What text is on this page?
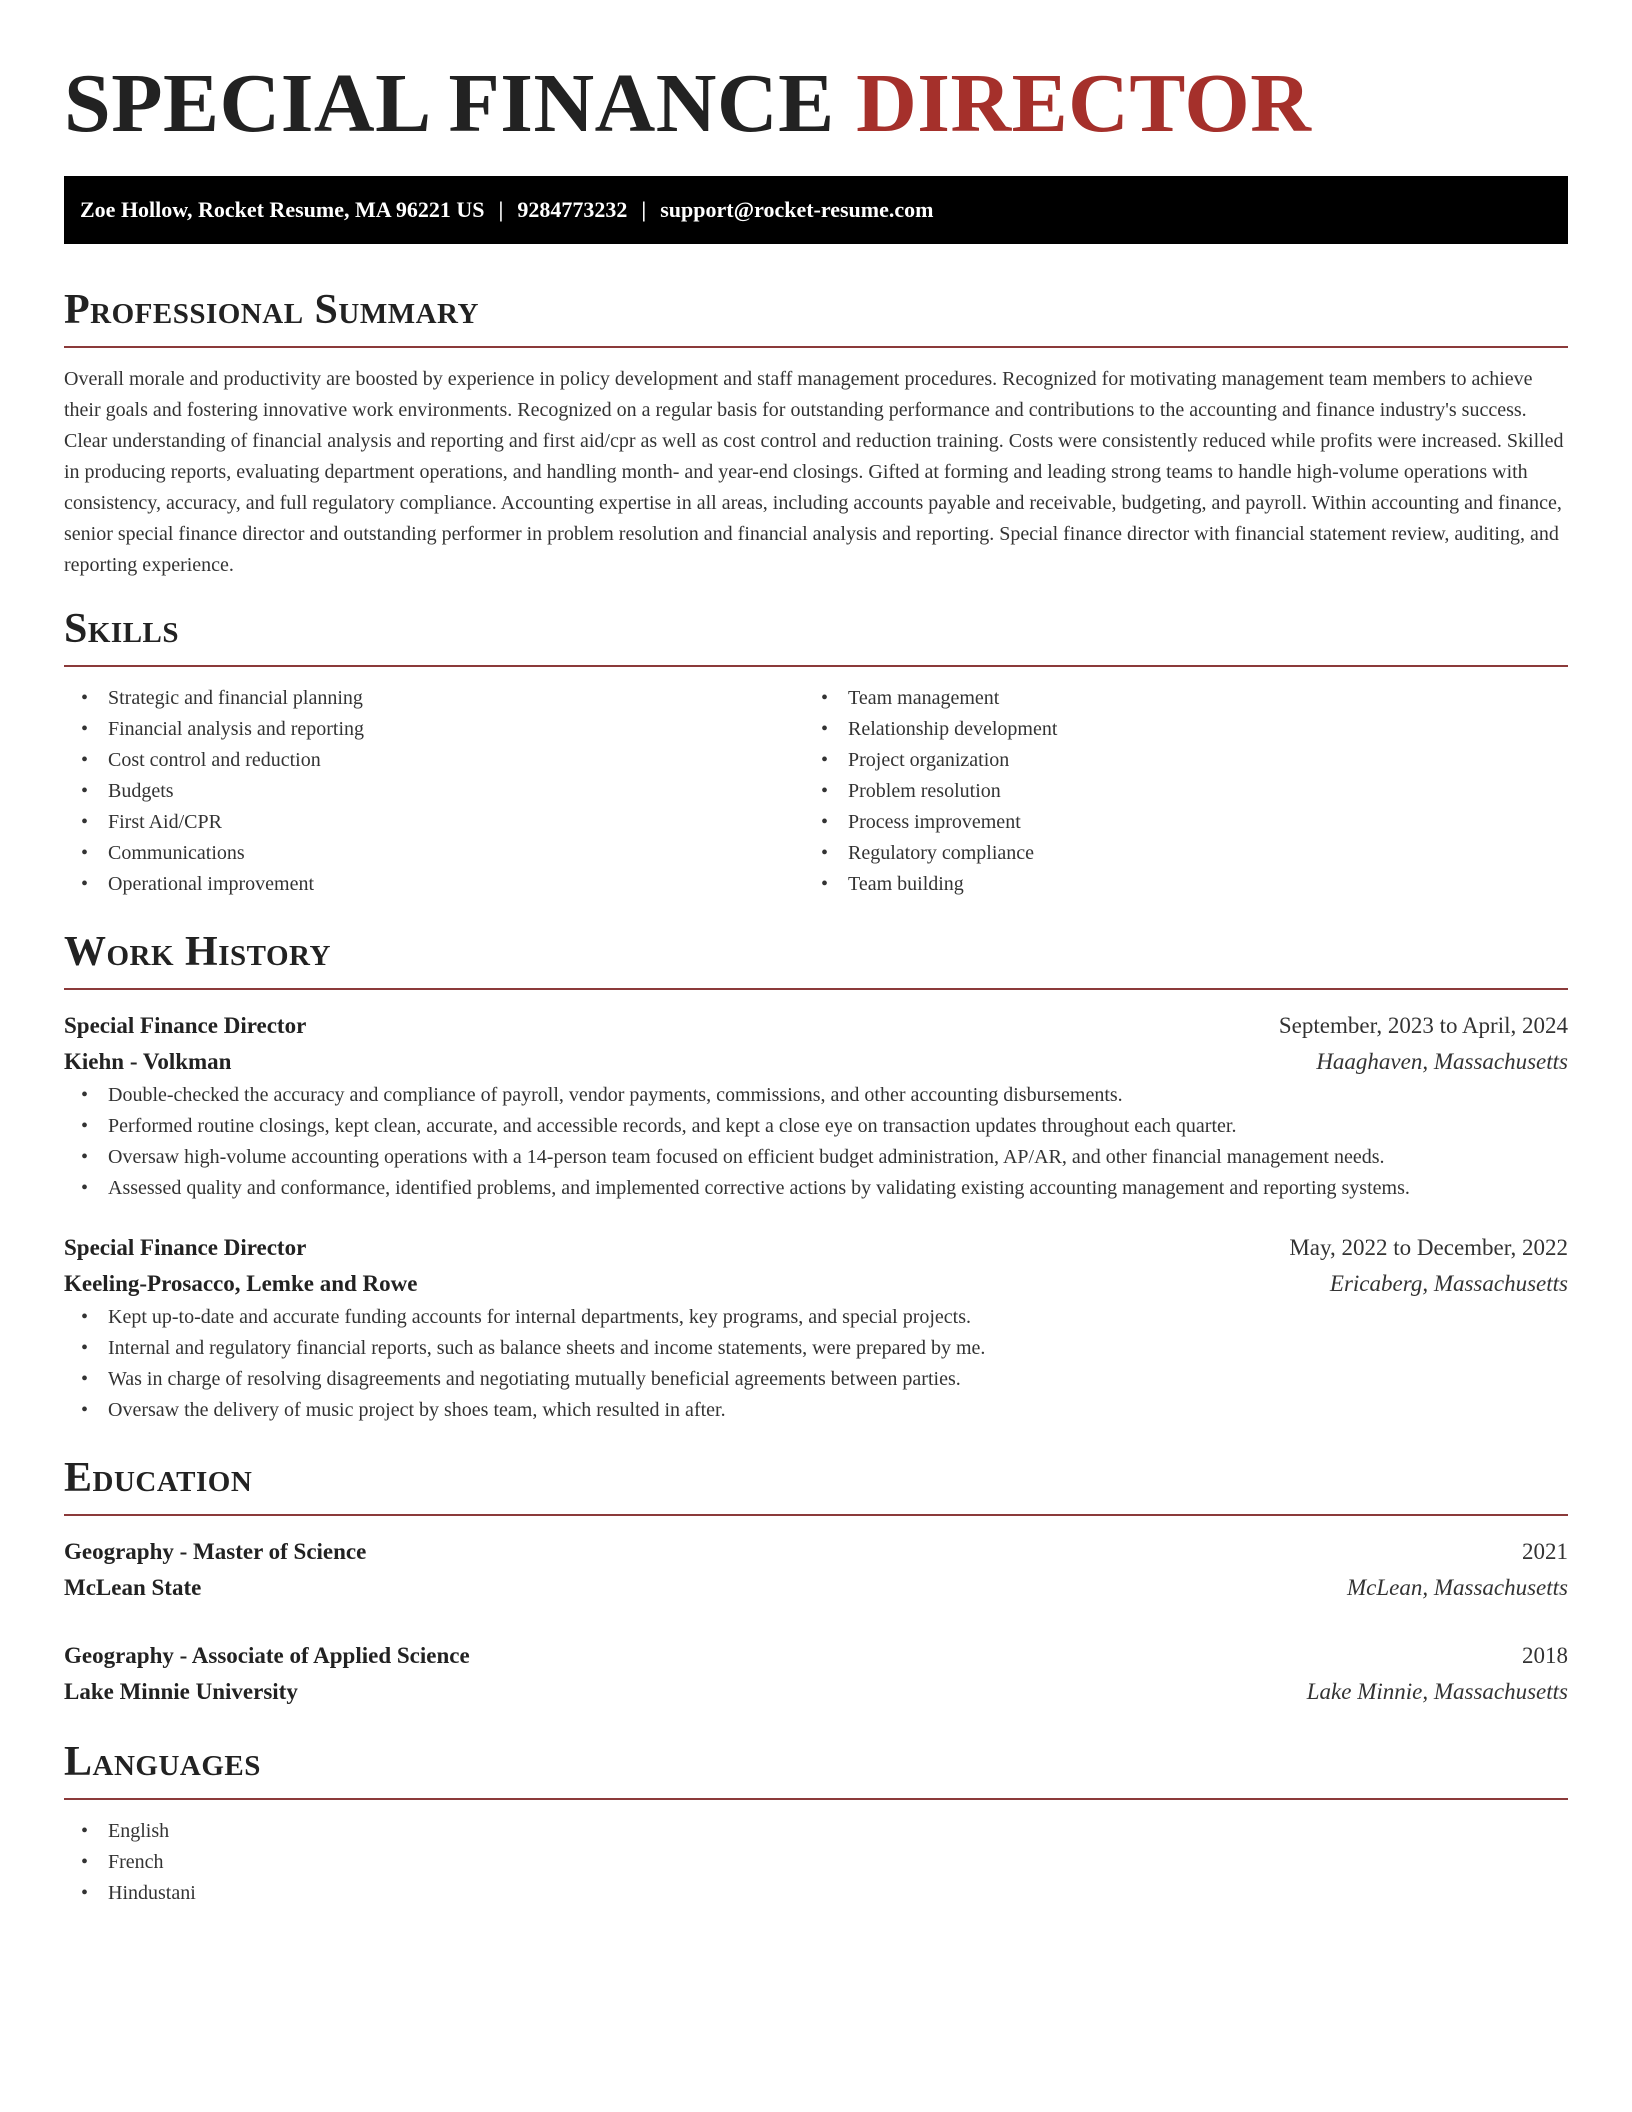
SPECIAL FINANCE DIRECTOR
Zoe Hollow, Rocket Resume, MA 96221 US | 9284773232 | support@rocket-resume.com
Professional Summary

Overall morale and productivity are boosted by experience in policy development and staff management procedures. Recognized for motivating management team members to achieve their goals and fostering innovative work environments. Recognized on a regular basis for outstanding performance and contributions to the accounting and finance industry's success. Clear understanding of financial analysis and reporting and first aid/cpr as well as cost control and reduction training. Costs were consistently reduced while profits were increased. Skilled in producing reports, evaluating department operations, and handling month- and year-end closings. Gifted at forming and leading strong teams to handle high-volume operations with consistency, accuracy, and full regulatory compliance. Accounting expertise in all areas, including accounts payable and receivable, budgeting, and payroll. Within accounting and finance, senior special finance director and outstanding performer in problem resolution and financial analysis and reporting. Special finance director with financial statement review, auditing, and reporting experience.

Skills
• Strategic and financial planning
• Financial analysis and reporting
• Cost control and reduction
• Budgets
• First Aid/CPR
• Communications
• Operational improvement
• Team management
• Relationship development
• Project organization
• Problem resolution
• Process improvement
• Regulatory compliance
• Team building
Work History
Special Finance Director	September, 2023 to April, 2024
Kiehn - Volkman	Haaghaven, Massachusetts
• Double-checked the accuracy and compliance of payroll, vendor payments, commissions, and other accounting disbursements.
• Performed routine closings, kept clean, accurate, and accessible records, and kept a close eye on transaction updates throughout each quarter.
• Oversaw high-volume accounting operations with a 14-person team focused on efficient budget administration, AP/AR, and other financial management needs.
• Assessed quality and conformance, identified problems, and implemented corrective actions by validating existing accounting management and reporting systems.
Special Finance Director	May, 2022 to December, 2022
Keeling-Prosacco, Lemke and Rowe	Ericaberg, Massachusetts
• Kept up-to-date and accurate funding accounts for internal departments, key programs, and special projects.
• Internal and regulatory financial reports, such as balance sheets and income statements, were prepared by me.
• Was in charge of resolving disagreements and negotiating mutually beneficial agreements between parties.
• Oversaw the delivery of music project by shoes team, which resulted in after.
Education
Geography - Master of Science	2021
McLean State	McLean, Massachusetts
Geography - Associate of Applied Science	2018
Lake Minnie University	Lake Minnie, Massachusetts
Languages
• English
• French
• Hindustani
